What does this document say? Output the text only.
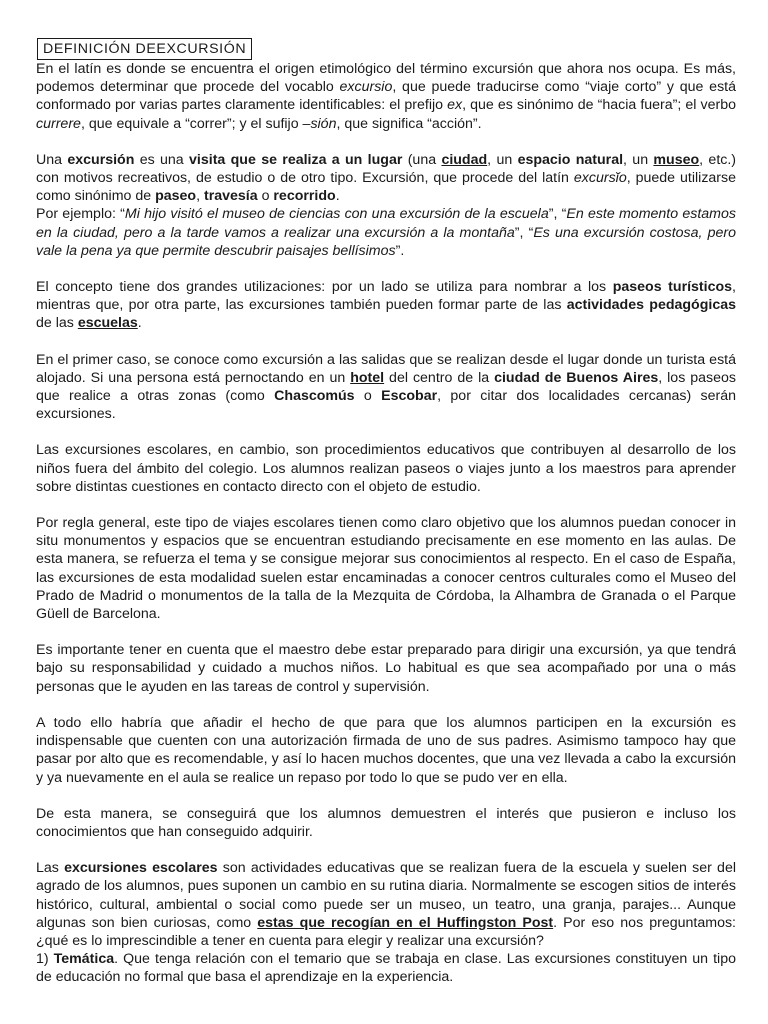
DEFINICIÓN DEEXCURSIÓN

En el latín es donde se encuentra el origen etimológico del término excursión que ahora nos ocupa. Es más, podemos determinar que procede del vocablo excursio, que puede traducirse como “viaje corto” y que está conformado por varias partes claramente identificables: el prefijo ex, que es sinónimo de “hacia fuera”; el verbo currere, que equivale a “correr”; y el sufijo –sión, que significa “acción”.

Una excursión es una visita que se realiza a un lugar (una ciudad, un espacio natural, un museo, etc.) con motivos recreativos, de estudio o de otro tipo. Excursión, que procede del latín excursĭo, puede utilizarse como sinónimo de paseo, travesía o recorrido.

Por ejemplo: “Mi hijo visitó el museo de ciencias con una excursión de la escuela”, “En este momento estamos en la ciudad, pero a la tarde vamos a realizar una excursión a la montaña”, “Es una excursión costosa, pero vale la pena ya que permite descubrir paisajes bellísimos”.

El concepto tiene dos grandes utilizaciones: por un lado se utiliza para nombrar a los paseos turísticos, mientras que, por otra parte, las excursiones también pueden formar parte de las actividades pedagógicas de las escuelas.

En el primer caso, se conoce como excursión a las salidas que se realizan desde el lugar donde un turista está alojado. Si una persona está pernoctando en un hotel del centro de la ciudad de Buenos Aires, los paseos que realice a otras zonas (como Chascomús o Escobar, por citar dos localidades cercanas) serán excursiones.

Las excursiones escolares, en cambio, son procedimientos educativos que contribuyen al desarrollo de los niños fuera del ámbito del colegio. Los alumnos realizan paseos o viajes junto a los maestros para aprender sobre distintas cuestiones en contacto directo con el objeto de estudio.

Por regla general, este tipo de viajes escolares tienen como claro objetivo que los alumnos puedan conocer in situ monumentos y espacios que se encuentran estudiando precisamente en ese momento en las aulas. De esta manera, se refuerza el tema y se consigue mejorar sus conocimientos al respecto. En el caso de España, las excursiones de esta modalidad suelen estar encaminadas a conocer centros culturales como el Museo del Prado de Madrid o monumentos de la talla de la Mezquita de Córdoba, la Alhambra de Granada o el Parque Güell de Barcelona.

Es importante tener en cuenta que el maestro debe estar preparado para dirigir una excursión, ya que tendrá bajo su responsabilidad y cuidado a muchos niños. Lo habitual es que sea acompañado por una o más personas que le ayuden en las tareas de control y supervisión.

A todo ello habría que añadir el hecho de que para que los alumnos participen en la excursión es indispensable que cuenten con una autorización firmada de uno de sus padres. Asimismo tampoco hay que pasar por alto que es recomendable, y así lo hacen muchos docentes, que una vez llevada a cabo la excursión y ya nuevamente en el aula se realice un repaso por todo lo que se pudo ver en ella.

De esta manera, se conseguirá que los alumnos demuestren el interés que pusieron e incluso los conocimientos que han conseguido adquirir.

Las excursiones escolares son actividades educativas que se realizan fuera de la escuela y suelen ser del agrado de los alumnos, pues suponen un cambio en su rutina diaria. Normalmente se escogen sitios de interés histórico, cultural, ambiental o social como puede ser un museo, un teatro, una granja, parajes... Aunque algunas son bien curiosas, como estas que recogían en el Huffingston Post. Por eso nos preguntamos: ¿qué es lo imprescindible a tener en cuenta para elegir y realizar una excursión?

1) Temática. Que tenga relación con el temario que se trabaja en clase. Las excursiones constituyen un tipo de educación no formal que basa el aprendizaje en la experiencia.
